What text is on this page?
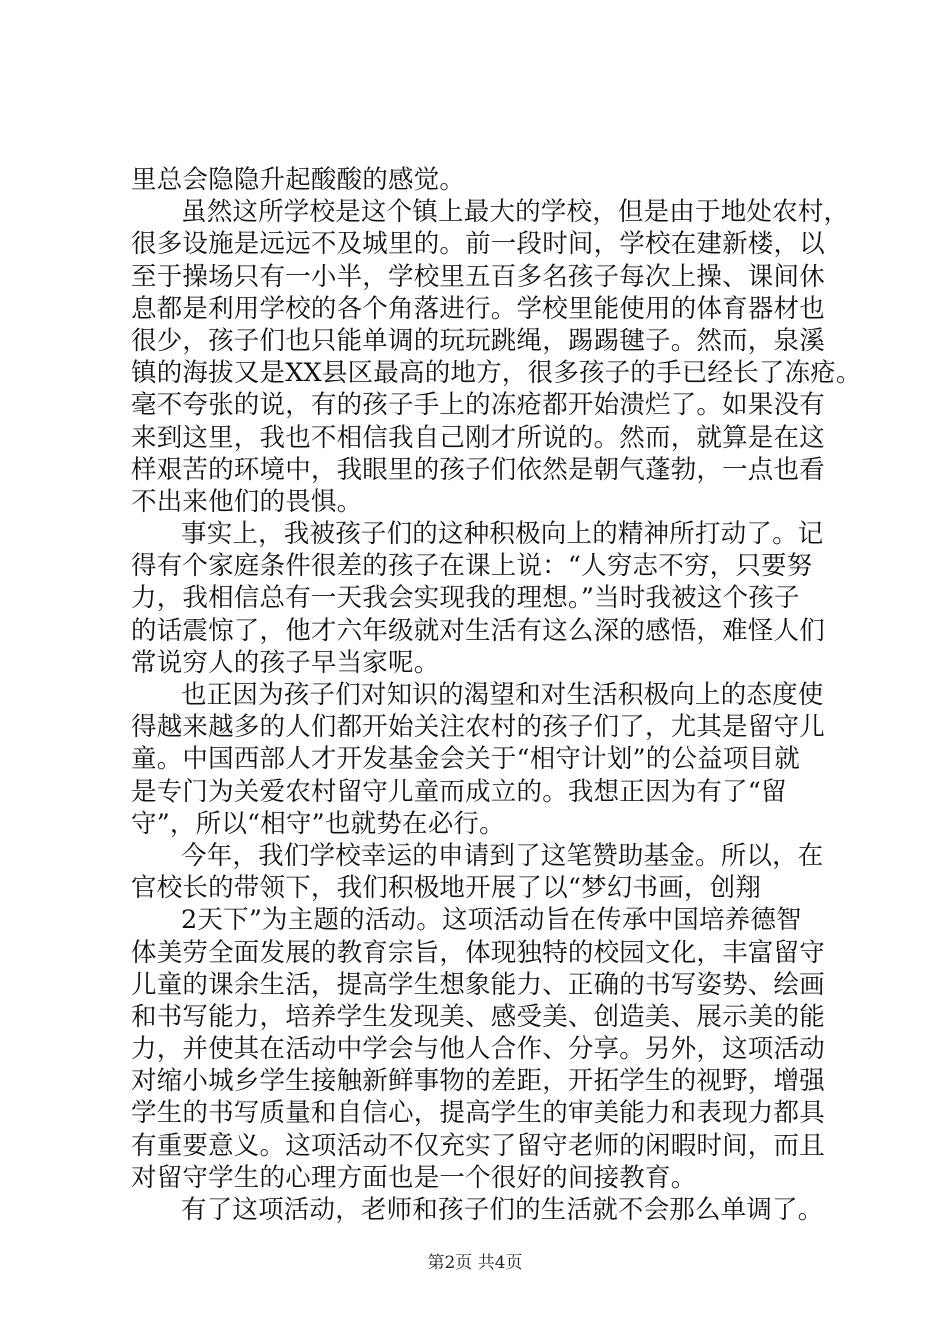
里总会隐隐升起酸酸的感觉。
虽然这所学校是这个镇上最大的学校，但是由于地处农村，
很多设施是远远不及城里的。前一段时间，学校在建新楼，以
至于操场只有一小半，学校里五百多名孩子每次上操、课间休
息都是利用学校的各个角落进行。学校里能使用的体育器材也
很少，孩子们也只能单调的玩玩跳绳，踢踢毽子。然而，泉溪
镇的海拔又是XX县区最高的地方，很多孩子的手已经长了冻疮。
毫不夸张的说，有的孩子手上的冻疮都开始溃烂了。如果没有
来到这里，我也不相信我自己刚才所说的。然而，就算是在这
样艰苦的环境中，我眼里的孩子们依然是朝气蓬勃，一点也看
不出来他们的畏惧。
事实上，我被孩子们的这种积极向上的精神所打动了。记
得有个家庭条件很差的孩子在课上说：“人穷志不穷，只要努
力，我相信总有一天我会实现我的理想。”当时我被这个孩子
的话震惊了，他才六年级就对生活有这么深的感悟，难怪人们
常说穷人的孩子早当家呢。
也正因为孩子们对知识的渴望和对生活积极向上的态度使
得越来越多的人们都开始关注农村的孩子们了，尤其是留守儿
童。中国西部人才开发基金会关于“相守计划”的公益项目就
是专门为关爱农村留守儿童而成立的。我想正因为有了“留
守”，所以“相守”也就势在必行。
今年，我们学校幸运的申请到了这笔赞助基金。所以，在
官校长的带领下，我们积极地开展了以“梦幻书画，创翔
2天下”为主题的活动。这项活动旨在传承中国培养德智
体美劳全面发展的教育宗旨，体现独特的校园文化，丰富留守
儿童的课余生活，提高学生想象能力、正确的书写姿势、绘画
和书写能力，培养学生发现美、感受美、创造美、展示美的能
力，并使其在活动中学会与他人合作、分享。另外，这项活动
对缩小城乡学生接触新鲜事物的差距，开拓学生的视野，增强
学生的书写质量和自信心，提高学生的审美能力和表现力都具
有重要意义。这项活动不仅充实了留守老师的闲暇时间，而且
对留守学生的心理方面也是一个很好的间接教育。
有了这项活动，老师和孩子们的生活就不会那么单调了。
第2页 共4页
